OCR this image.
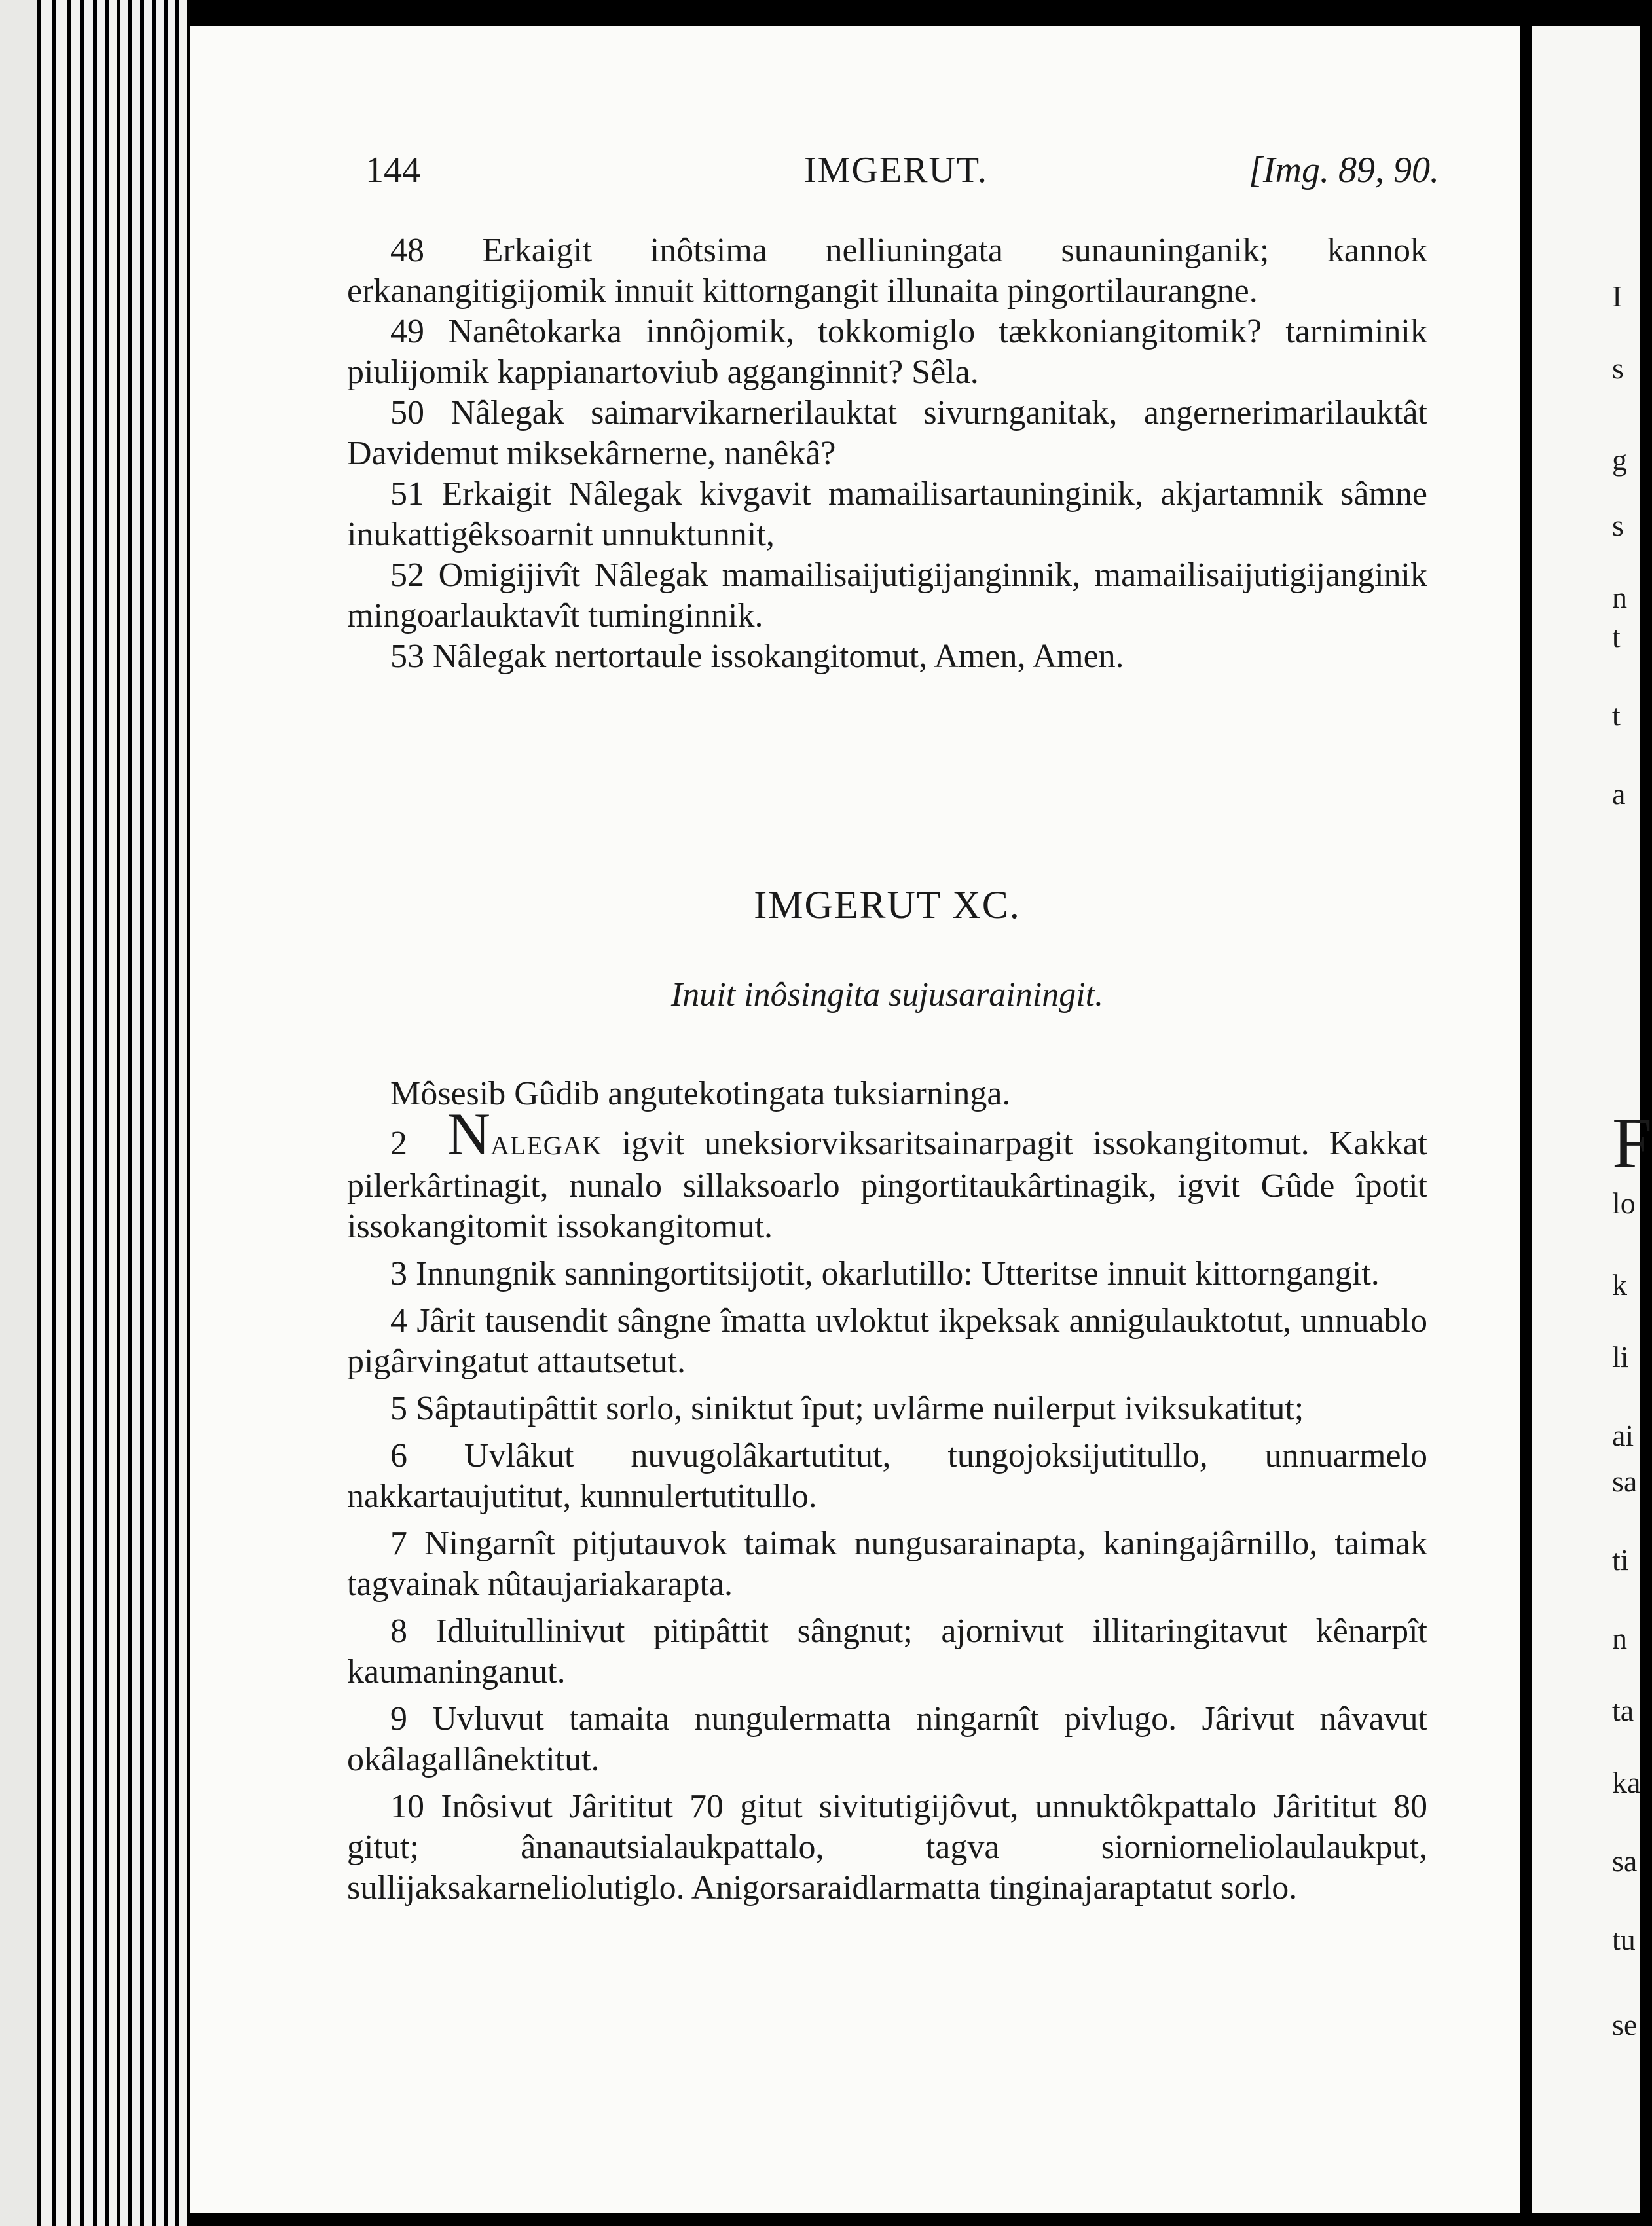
I
s
g
s
n
t
t
a
F
lo
k
li
ai
sa
ti
n
ta
ka
sa
tu
se
144	IMGERUT.	[Img. 89, 90.

48 Erkaigit inôtsima nelliuningata sunauninganik; kannok erkanangitigijomik innuit kittorngangit illunaita pingortilaurangne.

49 Nanêtokarka innôjomik, tokkomiglo tækkoniangitomik? tarniminik piulijomik kappianartoviub agganginnit? Sêla.

50 Nâlegak saimarvikarnerilauktat sivurnganitak, angernerimarilauktât Davidemut miksekârnerne, nanêkâ?

51 Erkaigit Nâlegak kivgavit mamailisartauninginik, akjartamnik sâmne inukattigêksoarnit unnuktunnit,

52 Omigijivît Nâlegak mamailisaijutigijanginnik, mamailisaijutigijanginik mingoarlauktavît tuminginnik.

53 Nâlegak nertortaule issokangitomut, Amen, Amen.

IMGERUT XC.
Inuit inôsingita sujusarainingit.

Môsesib Gûdib angutekotingata tuksiarninga.

2 NALEGAK igvit uneksiorviksaritsainarpagit issokangitomut. Kakkat pilerkârtinagit, nunalo sillaksoarlo pingortitaukârtinagik, igvit Gûde îpotit issokangitomit issokangitomut.

3 Innungnik sanningortitsijotit, okarlutillo: Utteritse innuit kittorngangit.

4 Jârit tausendit sângne îmatta uvloktut ikpeksak annigulauktotut, unnuablo pigârvingatut attautsetut.

5 Sâptautipâttit sorlo, siniktut îput; uvlârme nuilerput iviksukatitut;

6 Uvlâkut nuvugolâkartutitut, tungojoksijutitullo, unnuarmelo nakkartaujutitut, kunnulertutitullo.

7 Ningarnît pitjutauvok taimak nungusarainapta, kaningajârnillo, taimak tagvainak nûtaujariakarapta.

8 Idluitullinivut pitipâttit sângnut; ajornivut illitaringitavut kênarpît kaumaninganut.

9 Uvluvut tamaita nungulermatta ningarnît pivlugo. Jârivut nâvavut okâlagallânektitut.

10 Inôsivut Jârititut 70 gitut sivitutigijôvut, unnuktôkpattalo Jârititut 80 gitut; ânanautsialaukpattalo, tagva siorniorneliolaulaukput, sullijaksakarneliolutiglo. Anigorsaraidlarmatta tinginajaraptatut sorlo.
